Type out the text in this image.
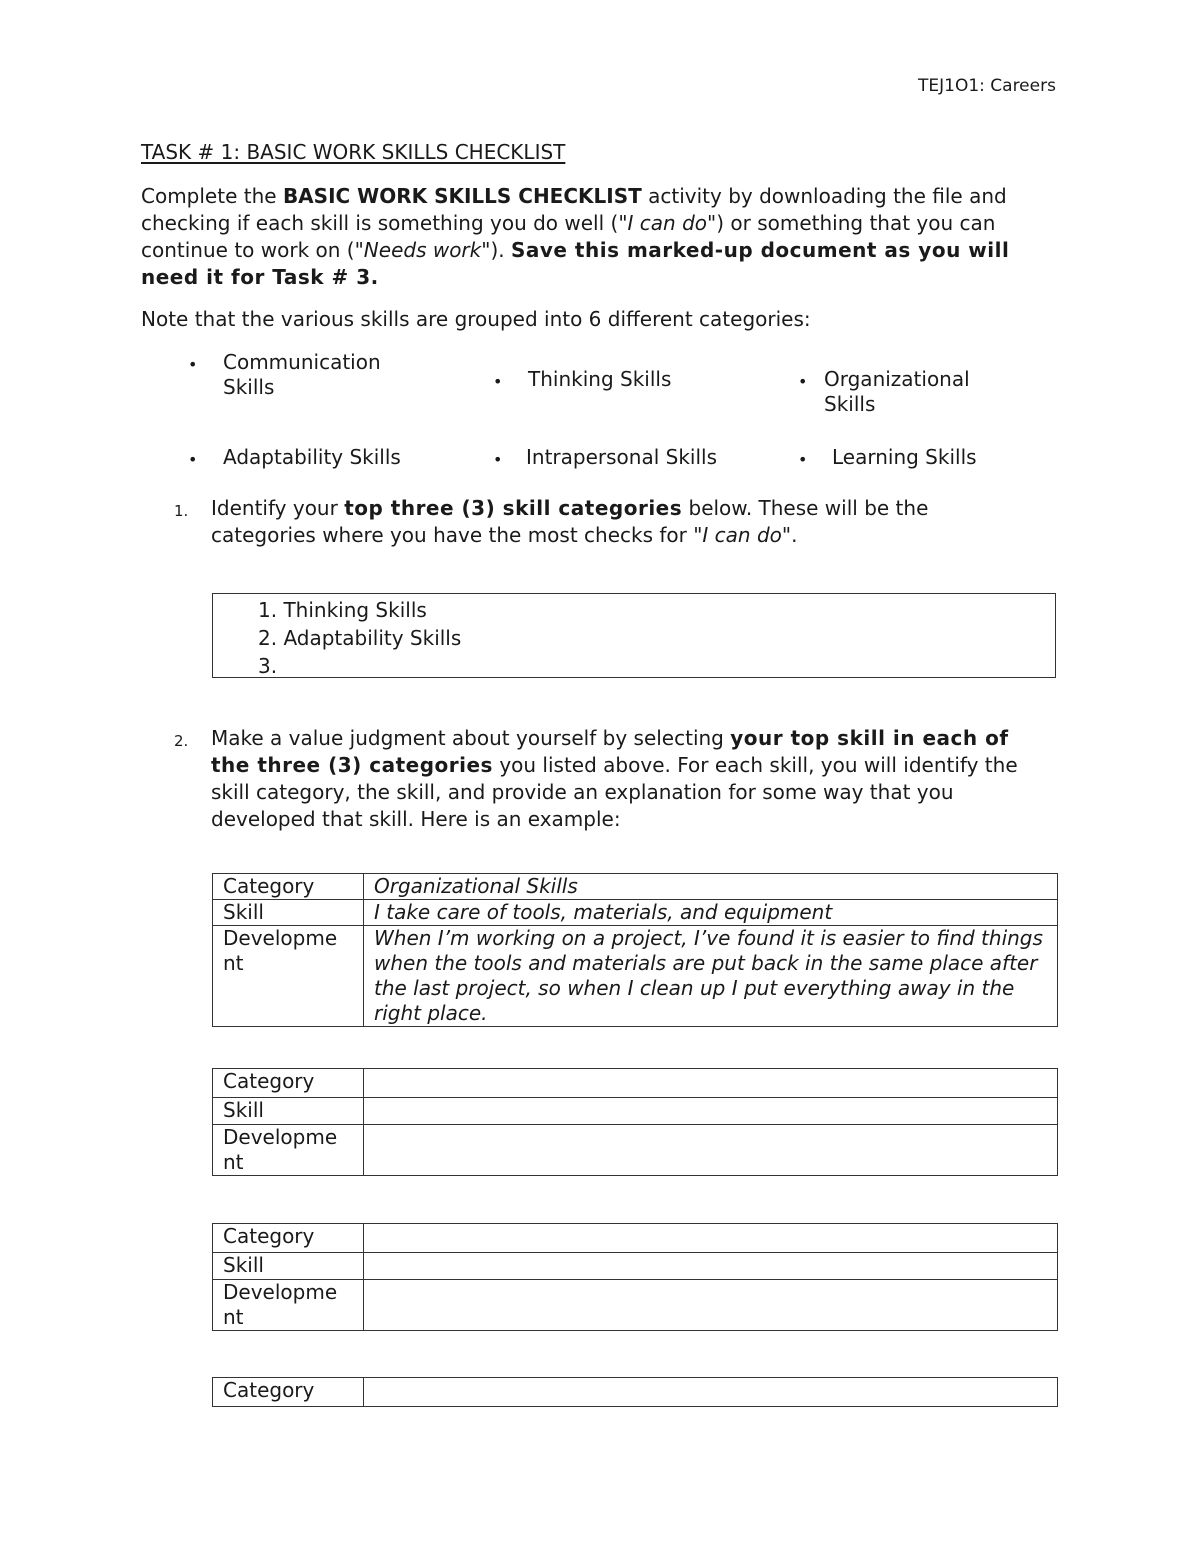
TEJ1O1: Careers
TASK # 1: BASIC WORK SKILLS CHECKLIST
Complete the BASIC WORK SKILLS CHECKLIST activity by downloading the file and checking if each skill is something you do well ("I can do") or something that you can continue to work on ("Needs work"). Save this marked-up document as you will need it for Task # 3.
Note that the various skills are grouped into 6 different categories:
• Communication Skills	• Thinking Skills	• Organizational Skills
• Adaptability Skills	• Intrapersonal Skills	• Learning Skills
1. Identify your top three (3) skill categories below. These will be the categories where you have the most checks for "I can do".
1. Thinking Skills
2. Adaptability Skills
3.
2. Make a value judgment about yourself by selecting your top skill in each of the three (3) categories you listed above. For each skill, you will identify the skill category, the skill, and provide an explanation for some way that you developed that skill. Here is an example:
Category	Organizational Skills
Skill	I take care of tools, materials, and equipment
Developme nt	When I’m working on a project, I’ve found it is easier to find things when the tools and materials are put back in the same place after the last project, so when I clean up I put everything away in the right place.
Category	
Skill	
Developme nt	
Category	
Skill	
Developme nt	
Category	
